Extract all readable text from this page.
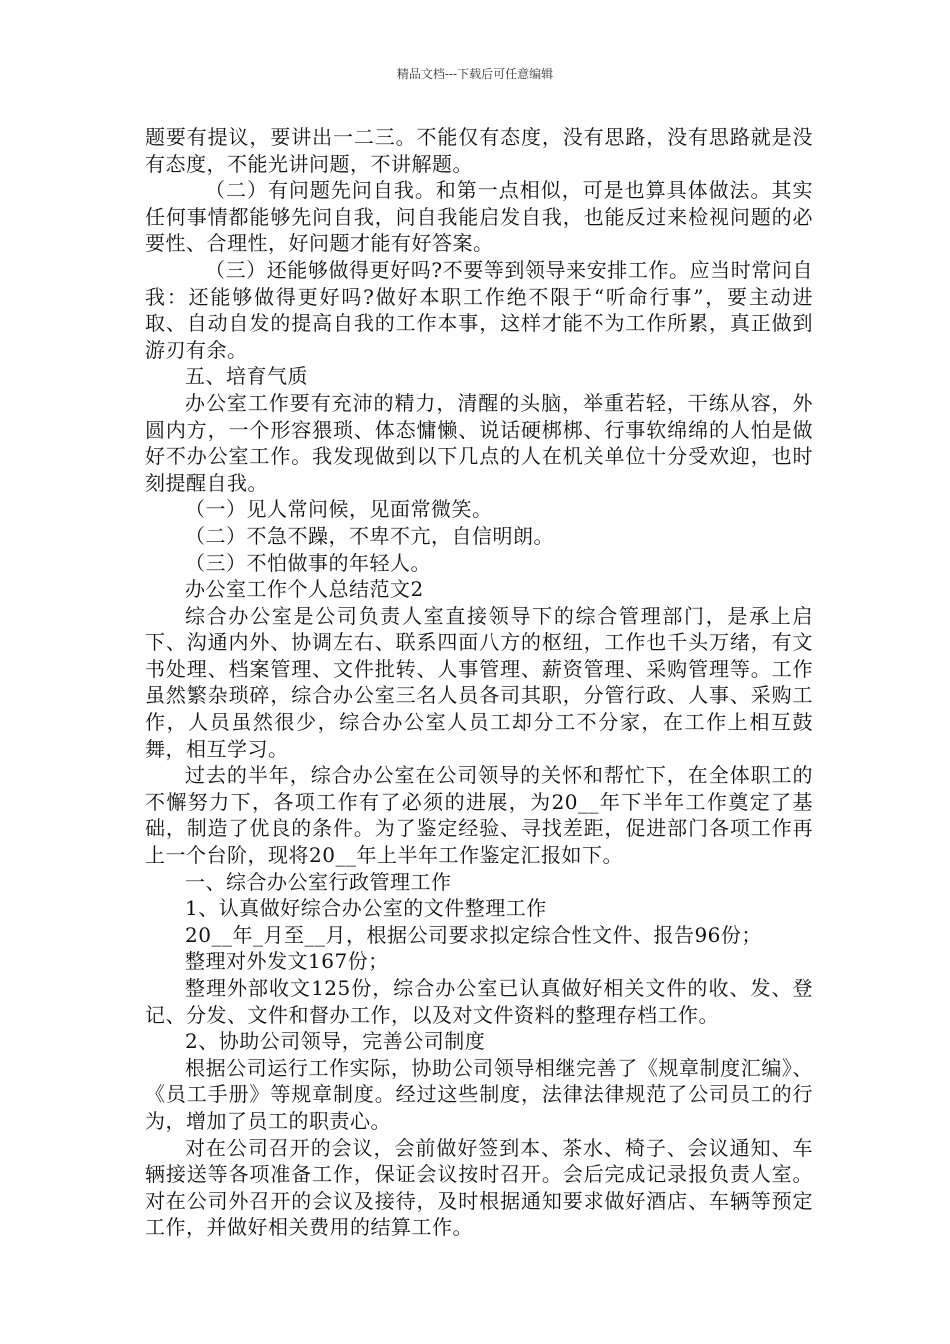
精品文档---下载后可任意编辑

题要有提议，要讲出一二三。不能仅有态度，没有思路，没有思路就是没有态度，不能光讲问题，不讲解题。

（二）有问题先问自我。和第一点相似，可是也算具体做法。其实任何事情都能够先问自我，问自我能启发自我，也能反过来检视问题的必要性、合理性，好问题才能有好答案。

（三）还能够做得更好吗?不要等到领导来安排工作。应当时常问自我：还能够做得更好吗?做好本职工作绝不限于“听命行事”，要主动进取、自动自发的提高自我的工作本事，这样才能不为工作所累，真正做到游刃有余。

五、培育气质

办公室工作要有充沛的精力，清醒的头脑，举重若轻，干练从容，外圆内方，一个形容猥琐、体态慵懒、说话硬梆梆、行事软绵绵的人怕是做好不办公室工作。我发现做到以下几点的人在机关单位十分受欢迎，也时刻提醒自我。

（一）见人常问候，见面常微笑。

（二）不急不躁，不卑不亢，自信明朗。

（三）不怕做事的年轻人。

办公室工作个人总结范文2

综合办公室是公司负责人室直接领导下的综合管理部门，是承上启下、沟通内外、协调左右、联系四面八方的枢纽，工作也千头万绪，有文书处理、档案管理、文件批转、人事管理、薪资管理、采购管理等。工作虽然繁杂琐碎，综合办公室三名人员各司其职，分管行政、人事、采购工作，人员虽然很少，综合办公室人员工却分工不分家，在工作上相互鼓舞，相互学习。

过去的半年，综合办公室在公司领导的关怀和帮忙下，在全体职工的不懈努力下，各项工作有了必须的进展，为20__年下半年工作奠定了基础，制造了优良的条件。为了鉴定经验、寻找差距，促进部门各项工作再上一个台阶，现将20__年上半年工作鉴定汇报如下。

一、综合办公室行政管理工作

1、认真做好综合办公室的文件整理工作

20__年_月至__月，根据公司要求拟定综合性文件、报告96份；

整理对外发文167份；

整理外部收文125份，综合办公室已认真做好相关文件的收、发、登记、分发、文件和督办工作，以及对文件资料的整理存档工作。

2、协助公司领导，完善公司制度

根据公司运行工作实际，协助公司领导相继完善了《规章制度汇编》、《员工手册》等规章制度。经过这些制度，法律法律规范了公司员工的行为，增加了员工的职责心。

对在公司召开的会议，会前做好签到本、茶水、椅子、会议通知、车辆接送等各项准备工作，保证会议按时召开。会后完成记录报负责人室。对在公司外召开的会议及接待，及时根据通知要求做好酒店、车辆等预定工作，并做好相关费用的结算工作。
